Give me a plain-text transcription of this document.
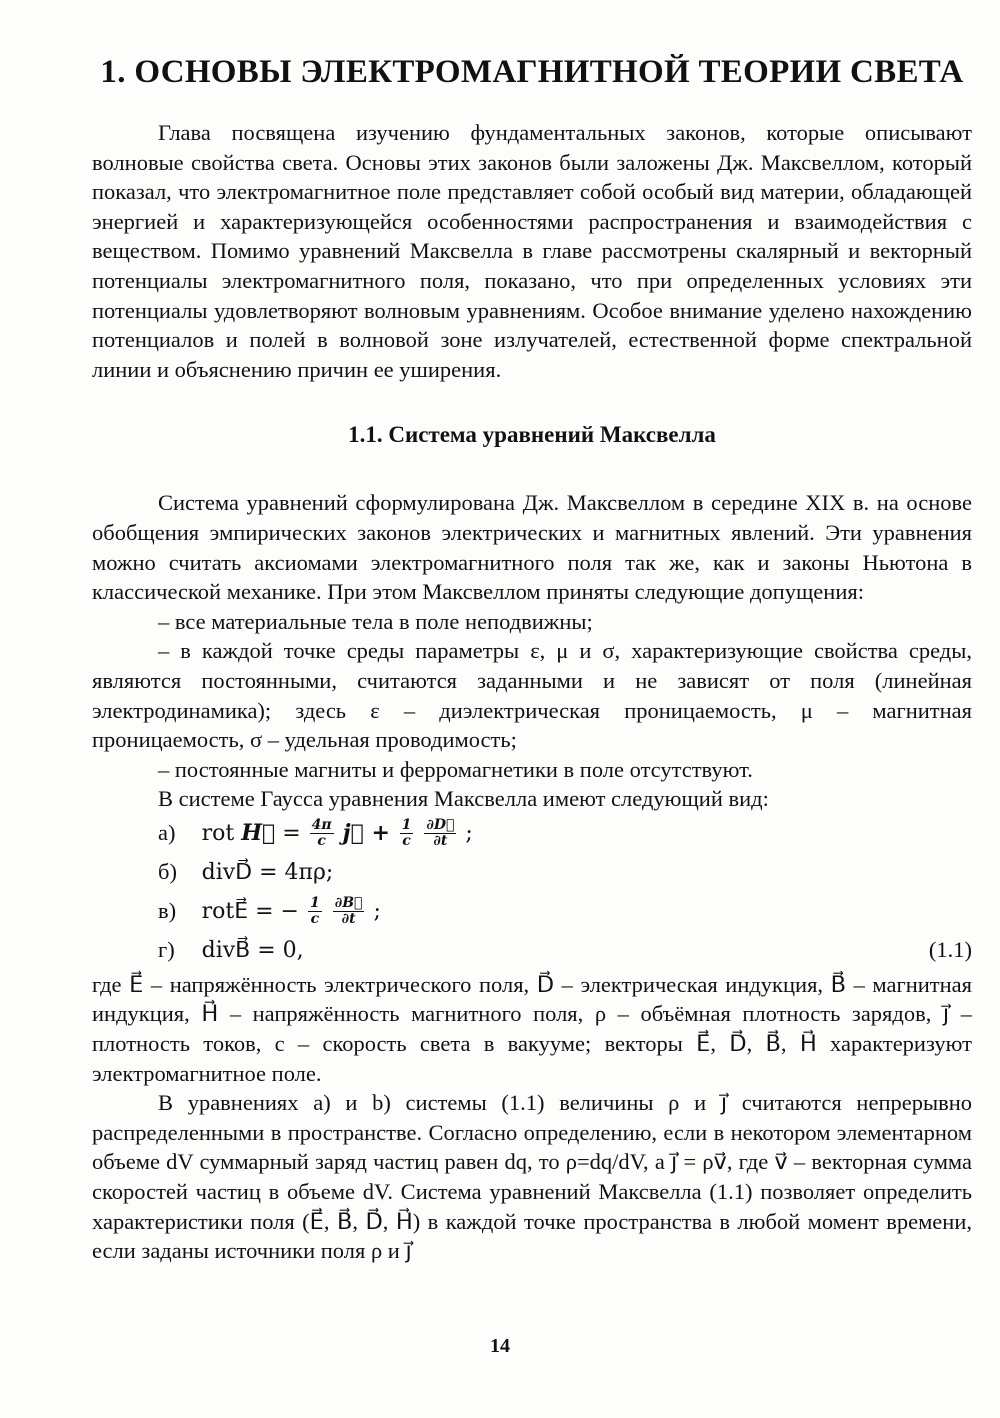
1. ОСНОВЫ ЭЛЕКТРОМАГНИТНОЙ ТЕОРИИ СВЕТА

Глава посвящена изучению фундаментальных законов, которые описывают волновые свойства света. Основы этих законов были заложены Дж. Максвеллом, который показал, что электромагнитное поле представляет собой особый вид материи, обладающей энергией и характеризующейся особенностями распространения и взаимодействия с веществом. Помимо уравнений Максвелла в главе рассмотрены скалярный и векторный потенциалы электромагнитного поля, показано, что при определенных условиях эти потенциалы удовлетворяют волновым уравнениям. Особое внимание уделено нахождению потенциалов и полей в волновой зоне излучателей, естественной форме спектральной линии и объяснению причин ее уширения.

1.1. Система уравнений Максвелла

Система уравнений сформулирована Дж. Максвеллом в середине XIX в. на основе обобщения эмпирических законов электрических и магнитных явлений. Эти уравнения можно считать аксиомами электромагнитного поля так же, как и законы Ньютона в классической механике. При этом Максвеллом приняты следующие допущения:

– все материальные тела в поле неподвижны;

– в каждой точке среды параметры ε, μ и σ, характеризующие свойства среды, являются постоянными, считаются заданными и не зависят от поля (линейная электродинамика); здесь ε – диэлектрическая проницаемость, μ – магнитная проницаемость, σ – удельная проводимость;

– постоянные магниты и ферромагнетики в поле отсутствуют.

В системе Гаусса уравнения Максвелла имеют следующий вид:

а) rot H⃗ = $\frac{4\pi}{c}$ j⃗ + $\frac{1}{c}$
$\frac{\partial D⃗}{\partial t}$ ;
б) divD⃗ = 4πρ;
в) rotE⃗ = − $\frac{1}{c}$
$\frac{\partial B⃗}{\partial t}$ ;
г) divB⃗ = 0,	(1.1)

где E⃗ – напряжённость электрического поля, D⃗ – электрическая индукция, B⃗ – магнитная индукция, H⃗ – напряжённость магнитного поля, ρ – объёмная плотность зарядов, j⃗ – плотность токов, c – скорость света в вакууме; векторы E⃗, D⃗, B⃗, H⃗ характеризуют электромагнитное поле.

В уравнениях а) и b) системы (1.1) величины ρ и j⃗ считаются непрерывно распределенными в пространстве. Согласно определению, если в некотором элементарном объеме dV суммарный заряд частиц равен dq, то ρ=dq/dV, а j⃗ = ρv⃗, где v⃗ – векторная сумма скоростей частиц в объеме dV. Система уравнений Максвелла (1.1) позволяет определить характеристики поля (E⃗, B⃗, D⃗, H⃗) в каждой точке пространства в любой момент времени, если заданы источники поля ρ и j⃗

14
